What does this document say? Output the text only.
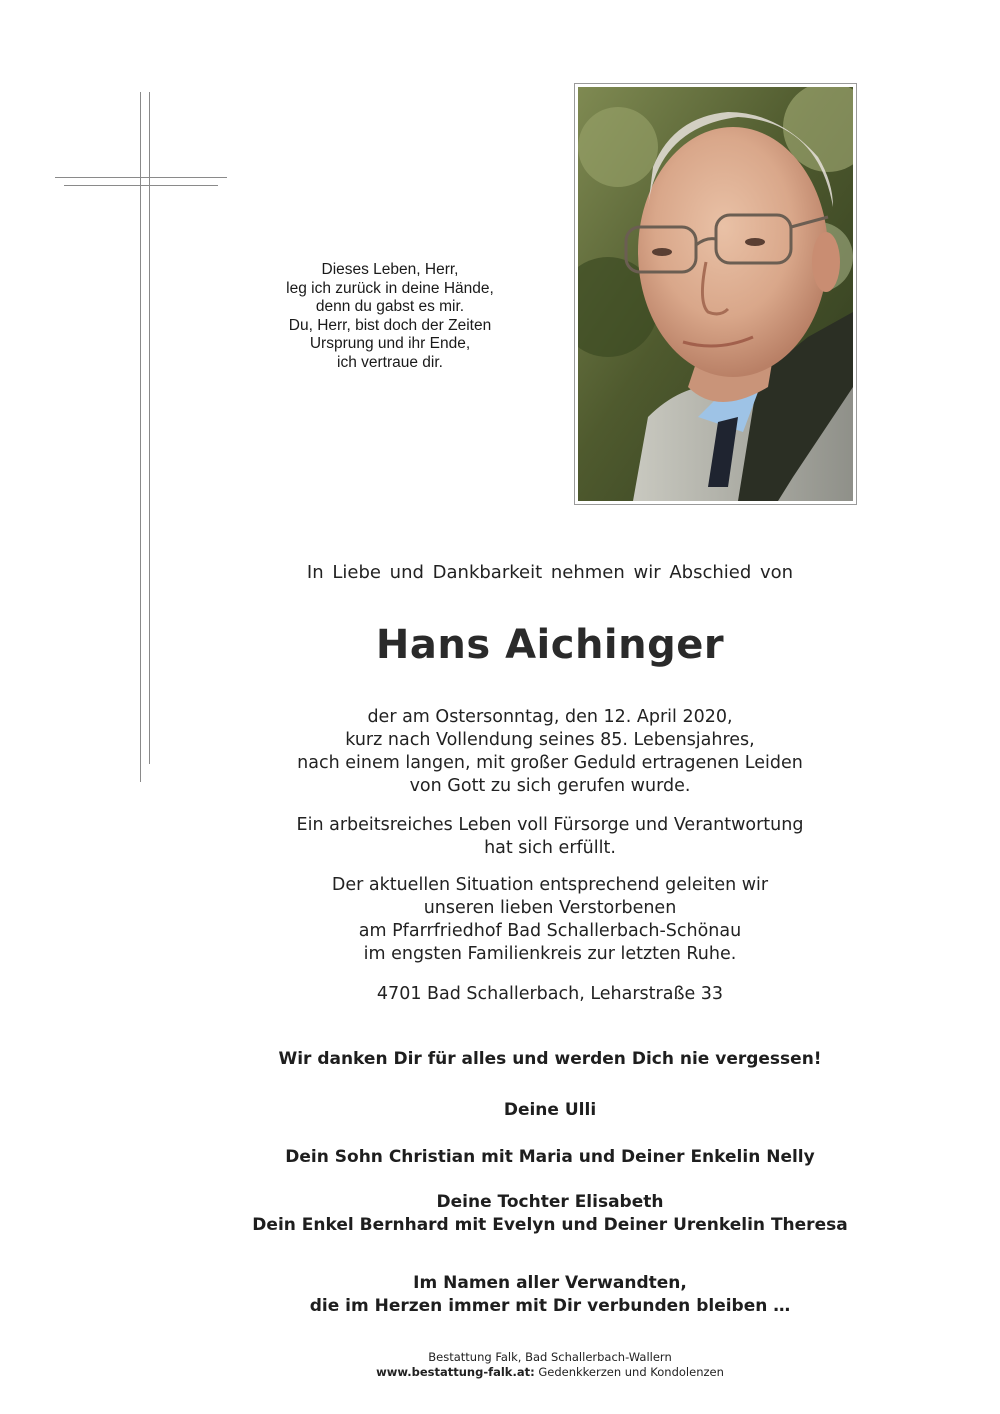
Dieses Leben, Herr,
leg ich zurück in deine Hände,
denn du gabst es mir.
Du, Herr, bist doch der Zeiten
Ursprung und ihr Ende,
ich vertraue dir.
In Liebe und Dankbarkeit nehmen wir Abschied von
Hans Aichinger
der am Ostersonntag, den 12. April 2020,
kurz nach Vollendung seines 85. Lebensjahres,
nach einem langen, mit großer Geduld ertragenen Leiden
von Gott zu sich gerufen wurde.
Ein arbeitsreiches Leben voll Fürsorge und Verantwortung
hat sich erfüllt.
Der aktuellen Situation entsprechend geleiten wir
unseren lieben Verstorbenen
am Pfarrfriedhof Bad Schallerbach-Schönau
im engsten Familienkreis zur letzten Ruhe.
4701 Bad Schallerbach, Leharstraße 33
Wir danken Dir für alles und werden Dich nie vergessen!
Deine Ulli
Dein Sohn Christian mit Maria und Deiner Enkelin Nelly
Deine Tochter Elisabeth
Dein Enkel Bernhard mit Evelyn und Deiner Urenkelin Theresa
Im Namen aller Verwandten,
die im Herzen immer mit Dir verbunden bleiben …
Bestattung Falk, Bad Schallerbach-Wallern
www.bestattung-falk.at: Gedenkkerzen und Kondolenzen
